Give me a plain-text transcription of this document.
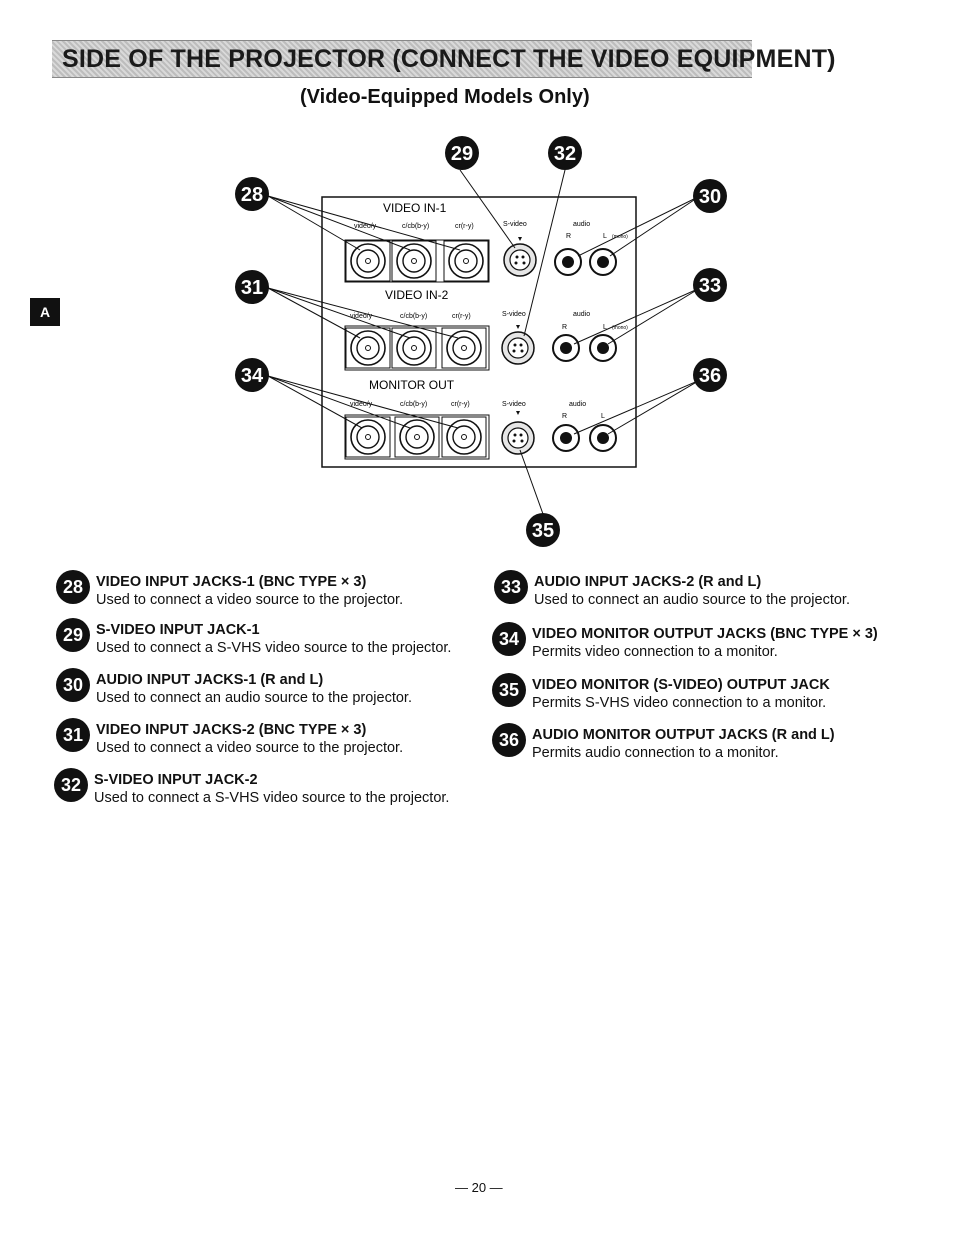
SIDE OF THE PROJECTOR (CONNECT THE VIDEO EQUIPMENT)
(Video-Equipped Models Only)
A
VIDEO IN-1
video/y	c/cb(b-y)	cr(r-y)	S-video	audio
R	L (mono)
VIDEO IN-2
video/y	c/cb(b-y)	cr(r-y)	S-video	audio
R	L (mono)
MONITOR OUT
video/y	c/cb(b-y)	cr(r-y)	S-video	audio
R	L
28
29
30
31
32
33
34
35
36
28 VIDEO INPUT JACKS-1 (BNC TYPE × 3)
Used to connect a video source to the projector.
29 S-VIDEO INPUT JACK-1
Used to connect a S-VHS video source to the projector.
30 AUDIO INPUT JACKS-1 (R and L)
Used to connect an audio source to the projector.
31 VIDEO INPUT JACKS-2 (BNC TYPE × 3)
Used to connect a video source to the projector.
32 S-VIDEO INPUT JACK-2
Used to connect a S-VHS video source to the projector.
33 AUDIO INPUT JACKS-2 (R and L)
Used to connect an audio source to the projector.
34 VIDEO MONITOR OUTPUT JACKS (BNC TYPE × 3)
Permits video connection to a monitor.
35 VIDEO MONITOR (S-VIDEO) OUTPUT JACK
Permits S-VHS video connection to a monitor.
36 AUDIO MONITOR OUTPUT JACKS (R and L)
Permits audio connection to a monitor.
— 20 —
